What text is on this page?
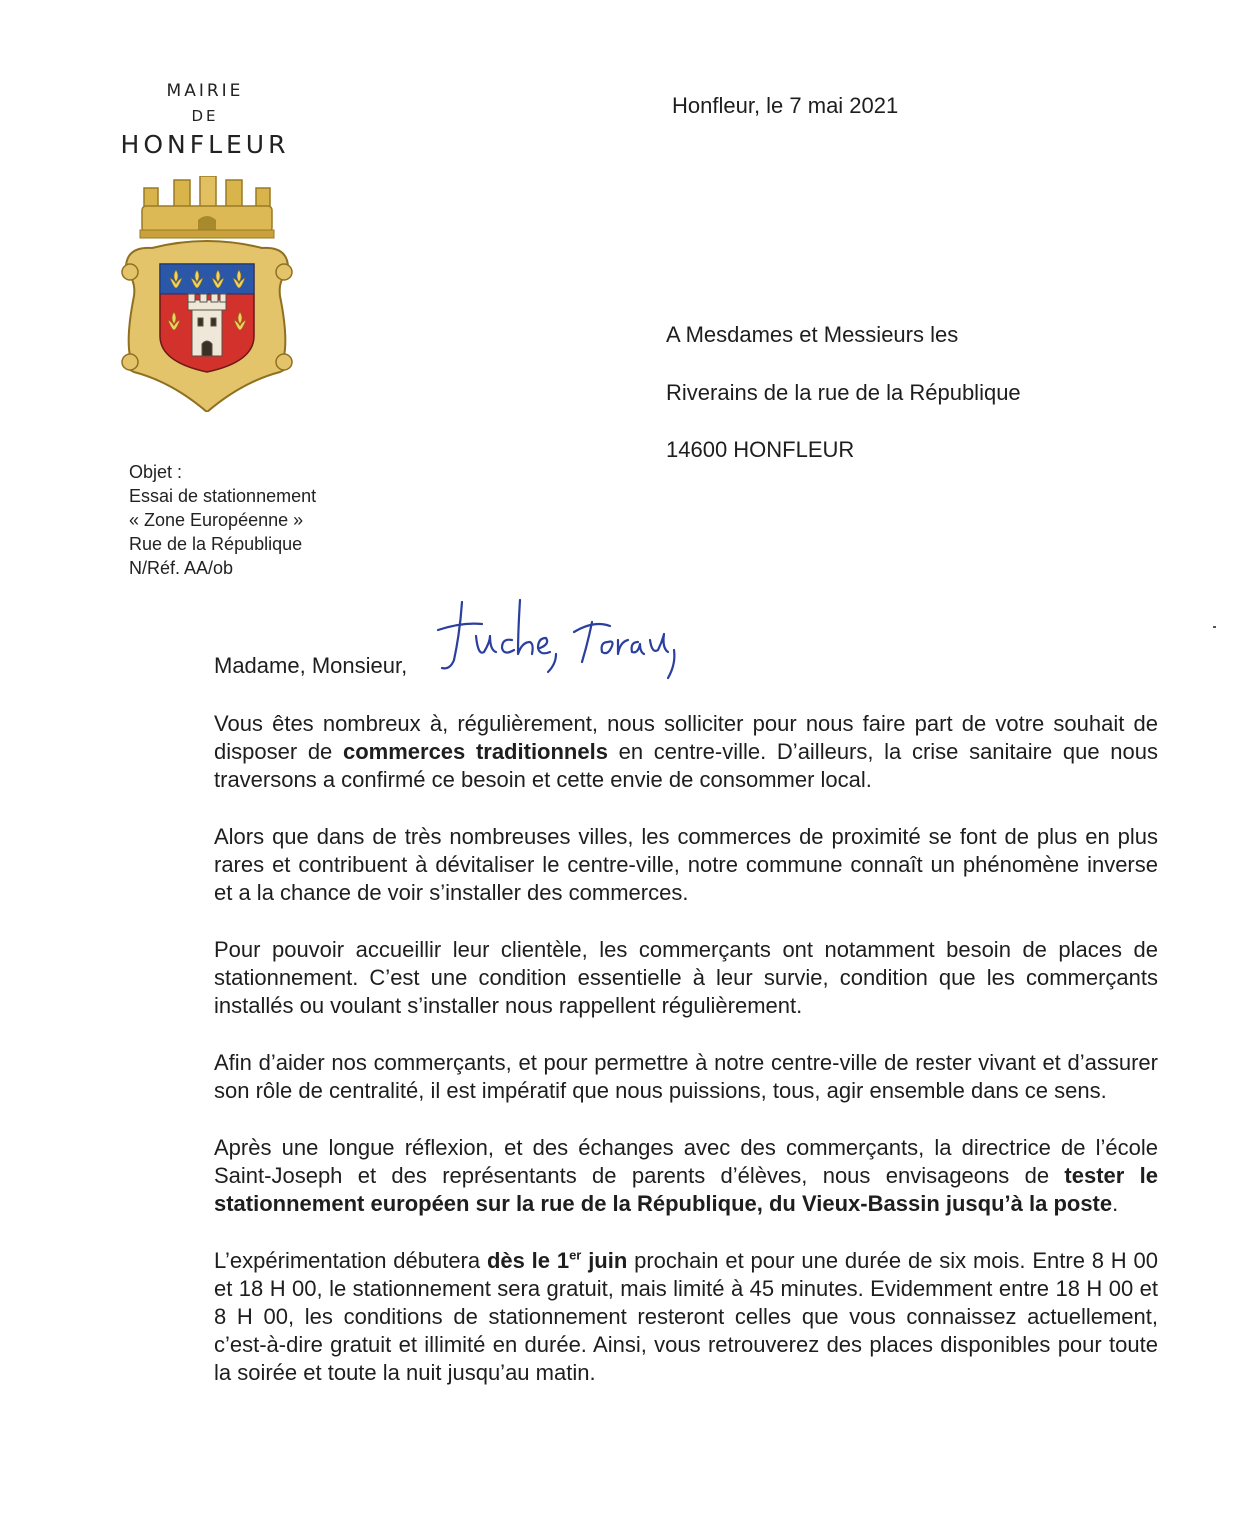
MAIRIE
DE
HONFLEUR
Honfleur, le 7 mai 2021
A Mesdames et Messieurs les
Riverains de la rue de la République
14600 HONFLEUR
Objet :
Essai de stationnement
« Zone Européenne »
Rue de la République
N/Réf. AA/ob
Madame, Monsieur,

Vous êtes nombreux à, régulièrement, nous solliciter pour nous faire part de votre souhait de disposer de commerces traditionnels en centre-ville. D’ailleurs, la crise sanitaire que nous traversons a confirmé ce besoin et cette envie de consommer local.

Alors que dans de très nombreuses villes, les commerces de proximité se font de plus en plus rares et contribuent à dévitaliser le centre-ville, notre commune connaît un phénomène inverse et a la chance de voir s’installer des commerces.

Pour pouvoir accueillir leur clientèle, les commerçants ont notamment besoin de places de stationnement. C’est une condition essentielle à leur survie, condition que les commerçants installés ou voulant s’installer nous rappellent régulièrement.

Afin d’aider nos commerçants, et pour permettre à notre centre-ville de rester vivant et d’assurer son rôle de centralité, il est impératif que nous puissions, tous, agir ensemble dans ce sens.

Après une longue réflexion, et des échanges avec des commerçants, la directrice de l’école Saint-Joseph et des représentants de parents d’élèves, nous envisageons de tester le stationnement européen sur la rue de la République, du Vieux-Bassin jusqu’à la poste.

L’expérimentation débutera dès le 1er juin prochain et pour une durée de six mois. Entre 8 H 00 et 18 H 00, le stationnement sera gratuit, mais limité à 45 minutes. Evidemment entre 18 H 00 et 8 H 00, les conditions de stationnement resteront celles que vous connaissez actuellement, c’est-à-dire gratuit et illimité en durée. Ainsi, vous retrouverez des places disponibles pour toute la soirée et toute la nuit jusqu’au matin.
